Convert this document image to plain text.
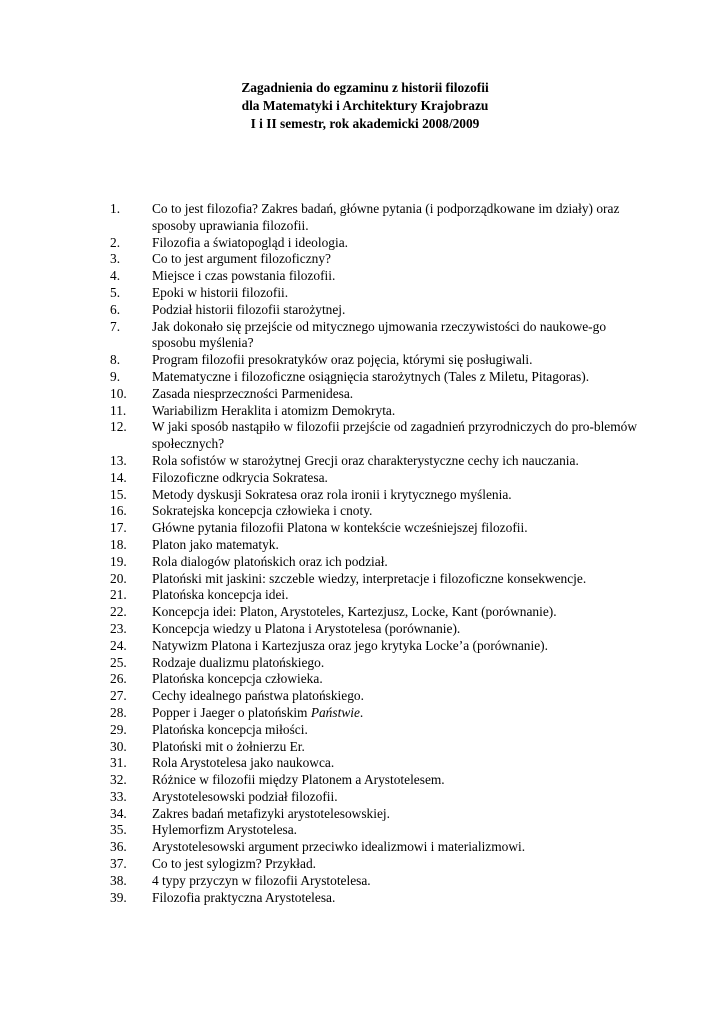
Zagadnienia do egzaminu z historii filozofii
dla Matematyki i Architektury Krajobrazu
I i II semestr, rok akademicki 2008/2009
1. Co to jest filozofia? Zakres badań, główne pytania (i podporządkowane im działy) oraz sposoby uprawiania filozofii.
2. Filozofia a światopogląd i ideologia.
3. Co to jest argument filozoficzny?
4. Miejsce i czas powstania filozofii.
5. Epoki w historii filozofii.
6. Podział historii filozofii starożytnej.
7. Jak dokonało się przejście od mitycznego ujmowania rzeczywistości do naukowe-go sposobu myślenia?
8. Program filozofii presokratyków oraz pojęcia, którymi się posługiwali.
9. Matematyczne i filozoficzne osiągnięcia starożytnych (Tales z Miletu, Pitagoras).
10. Zasada niesprzeczności Parmenidesa.
11. Wariabilizm Heraklita i atomizm Demokryta.
12. W jaki sposób nastąpiło w filozofii przejście od zagadnień przyrodniczych do pro-blemów społecznych?
13. Rola sofistów w starożytnej Grecji oraz charakterystyczne cechy ich nauczania.
14. Filozoficzne odkrycia Sokratesa.
15. Metody dyskusji Sokratesa oraz rola ironii i krytycznego myślenia.
16. Sokratejska koncepcja człowieka i cnoty.
17. Główne pytania filozofii Platona w kontekście wcześniejszej filozofii.
18. Platon jako matematyk.
19. Rola dialogów platońskich oraz ich podział.
20. Platoński mit jaskini: szczeble wiedzy, interpretacje i filozoficzne konsekwencje.
21. Platońska koncepcja idei.
22. Koncepcja idei: Platon, Arystoteles, Kartezjusz, Locke, Kant (porównanie).
23. Koncepcja wiedzy u Platona i Arystotelesa (porównanie).
24. Natywizm Platona i Kartezjusza oraz jego krytyka Locke’a (porównanie).
25. Rodzaje dualizmu platońskiego.
26. Platońska koncepcja człowieka.
27. Cechy idealnego państwa platońskiego.
28. Popper i Jaeger o platońskim Państwie.
29. Platońska koncepcja miłości.
30. Platoński mit o żołnierzu Er.
31. Rola Arystotelesa jako naukowca.
32. Różnice w filozofii między Platonem a Arystotelesem.
33. Arystotelesowski podział filozofii.
34. Zakres badań metafizyki arystotelesowskiej.
35. Hylemorfizm Arystotelesa.
36. Arystotelesowski argument przeciwko idealizmowi i materializmowi.
37. Co to jest sylogizm? Przykład.
38. 4 typy przyczyn w filozofii Arystotelesa.
39. Filozofia praktyczna Arystotelesa.
